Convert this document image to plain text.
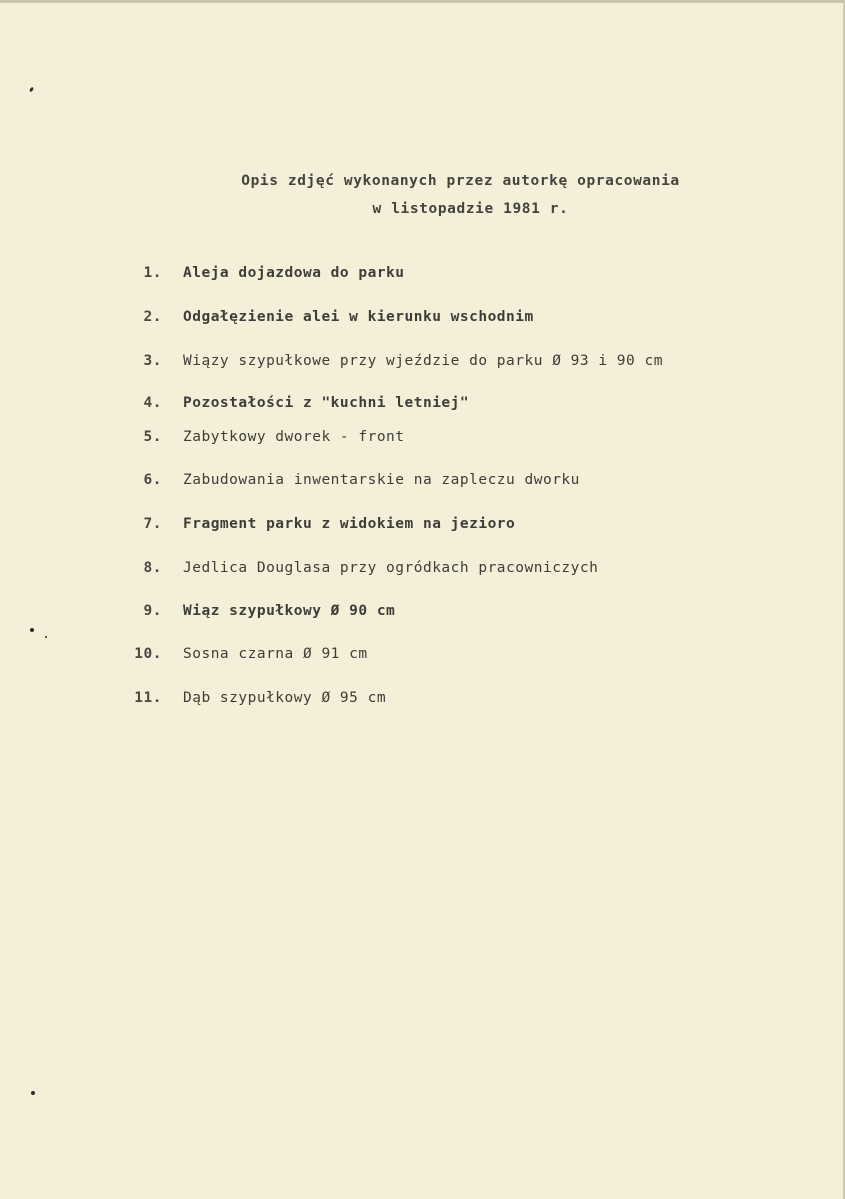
Opis zdjęć wykonanych przez autorkę opracowania
w listopadzie 1981 r.
1. Aleja dojazdowa do parku
2. Odgałęzienie alei w kierunku wschodnim
3. Wiązy szypułkowe przy wjeździe do parku Ø 93 i 90 cm
4. Pozostałości z "kuchni letniej"
5. Zabytkowy dworek - front
6. Zabudowania inwentarskie na zapleczu dworku
7. Fragment parku z widokiem na jezioro
8. Jedlica Douglasa przy ogródkach pracowniczych
9. Wiąz szypułkowy Ø 90 cm
10. Sosna czarna Ø 91 cm
11. Dąb szypułkowy Ø 95 cm
